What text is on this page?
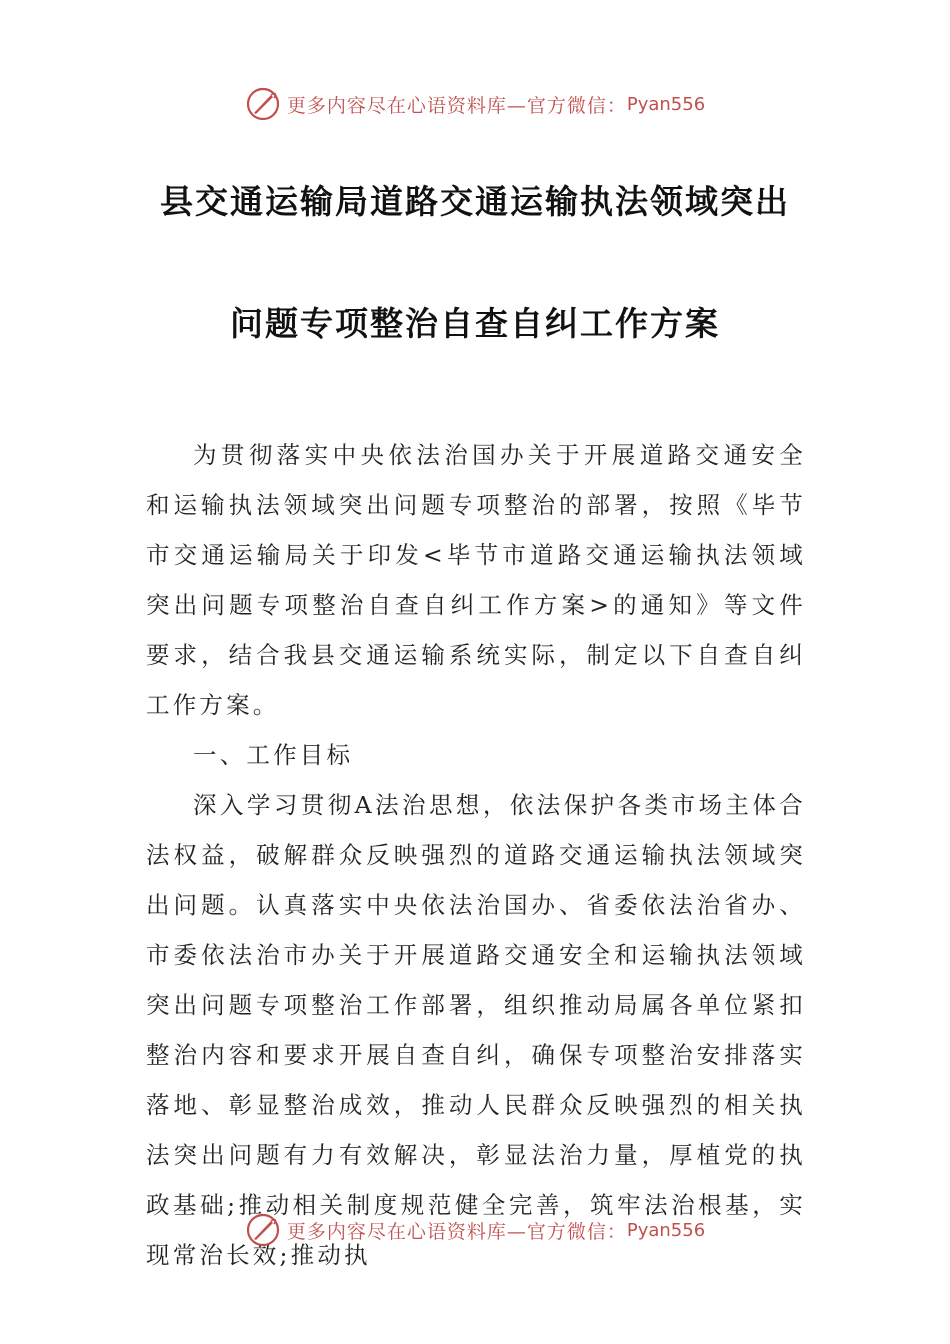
更多内容尽在心语资料库—官方微信： Pyan556
县交通运输局道路交通运输执法领域突出
问题专项整治自查自纠工作方案

为贯彻落实中央依法治国办关于开展道路交通安全和运输执法领域突出问题专项整治的部署，按照《毕节市交通运输局关于印发<毕节市道路交通运输执法领域突出问题专项整治自查自纠工作方案>的通知》等文件要求，结合我县交通运输系统实际，制定以下自查自纠工作方案。

一、工作目标

深入学习贯彻A法治思想，依法保护各类市场主体合法权益，破解群众反映强烈的道路交通运输执法领域突出问题。认真落实中央依法治国办、省委依法治省办、市委依法治市办关于开展道路交通安全和运输执法领域突出问题专项整治工作部署，组织推动局属各单位紧扣整治内容和要求开展自查自纠，确保专项整治安排落实落地、彰显整治成效，推动人民群众反映强烈的相关执法突出问题有力有效解决，彰显法治力量，厚植党的执政基础;推动相关制度规范健全完善，筑牢法治根基，实现常治长效;推动执

更多内容尽在心语资料库—官方微信： Pyan556
